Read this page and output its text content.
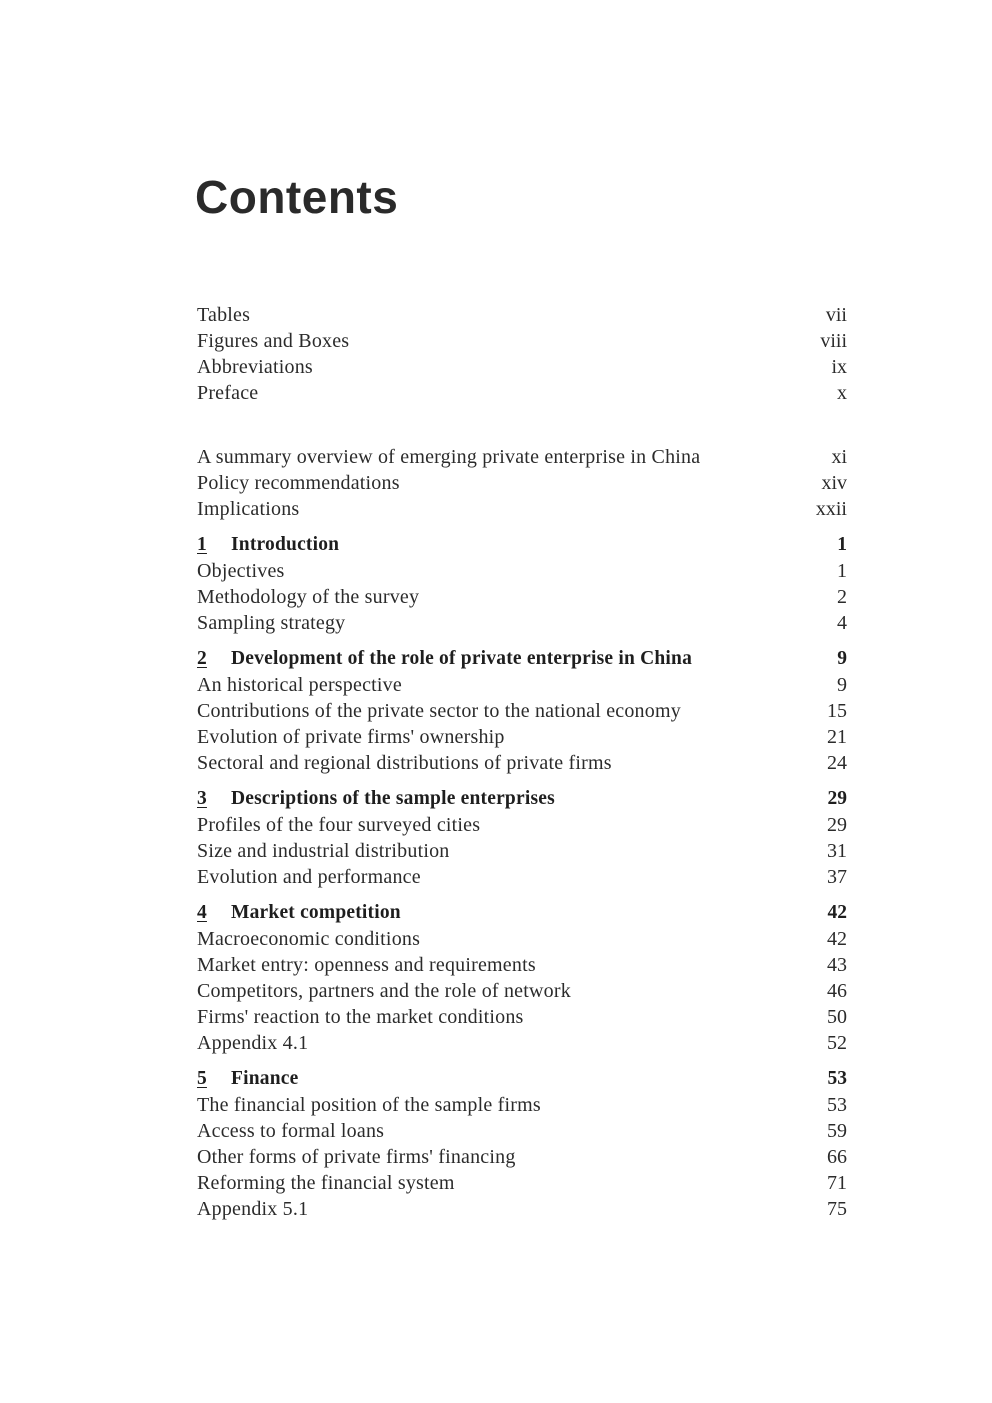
Contents
Tables	vii
Figures and Boxes	viii
Abbreviations	ix
Preface	x
A summary overview of emerging private enterprise in China	xi
Policy recommendations	xiv
Implications	xxii
1 Introduction	1
Objectives	1
Methodology of the survey	2
Sampling strategy	4
2 Development of the role of private enterprise in China	9
An historical perspective	9
Contributions of the private sector to the national economy	15
Evolution of private firms' ownership	21
Sectoral and regional distributions of private firms	24
3 Descriptions of the sample enterprises	29
Profiles of the four surveyed cities	29
Size and industrial distribution	31
Evolution and performance	37
4 Market competition	42
Macroeconomic conditions	42
Market entry: openness and requirements	43
Competitors, partners and the role of network	46
Firms' reaction to the market conditions	50
Appendix 4.1	52
5 Finance	53
The financial position of the sample firms	53
Access to formal loans	59
Other forms of private firms' financing	66
Reforming the financial system	71
Appendix 5.1	75
